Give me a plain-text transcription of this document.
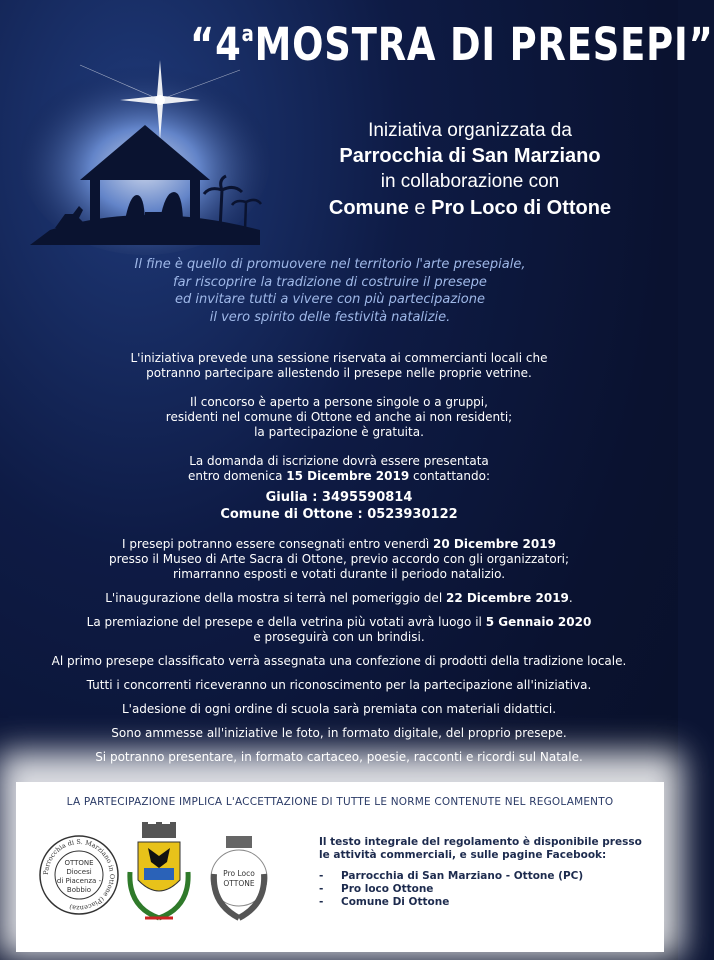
“4$^a$MOSTRA DI PRESEPI”
Iniziativa organizzata da
Parrocchia di San Marziano
in collaborazione con
Comune e Pro Loco di Ottone
Il fine è quello di promuovere nel territorio l'arte presepiale,
far riscoprire la tradizione di costruire il presepe
ed invitare tutti a vivere con più partecipazione
il vero spirito delle festività natalizie.

L'iniziativa prevede una sessione riservata ai commercianti locali che

potranno partecipare allestendo il presepe nelle proprie vetrine.

Il concorso è aperto a persone singole o a gruppi,

residenti nel comune di Ottone ed anche ai non residenti;

la partecipazione è gratuita.

La domanda di iscrizione dovrà essere presentata

entro domenica 15 Dicembre 2019 contattando:

Giulia : 3495590814

Comune di Ottone : 0523930122

I presepi potranno essere consegnati entro venerdì 20 Dicembre 2019

presso il Museo di Arte Sacra di Ottone, previo accordo con gli organizzatori;

rimarranno esposti e votati durante il periodo natalizio.

L'inaugurazione della mostra si terrà nel pomeriggio del 22 Dicembre 2019.

La premiazione del presepe e della vetrina più votati avrà luogo il 5 Gennaio 2020

e proseguirà con un brindisi.

Al primo presepe classificato verrà assegnata una confezione di prodotti della tradizione locale.

Tutti i concorrenti riceveranno un riconoscimento per la partecipazione all'iniziativa.

L'adesione di ogni ordine di scuola sarà premiata con materiali didattici.

Sono ammesse all'iniziative le foto, in formato digitale, del proprio presepe.

Si potranno presentare, in formato cartaceo, poesie, racconti e ricordi sul Natale.

LA PARTECIPAZIONE IMPLICA L'ACCETTAZIONE DI TUTTE LE NORME CONTENUTE NEL REGOLAMENTO
Parrocchia di S. Marziano in Ottone (Piacenza)
OTTONE
Diocesi
di Piacenza -
Bobbio
Pro Loco
OTTONE
Il testo integrale del regolamento è disponibile presso
le attività commerciali, e sulle pagine Facebook:
- Parrocchia di San Marziano - Ottone (PC)
- Pro loco Ottone
- Comune Di Ottone
